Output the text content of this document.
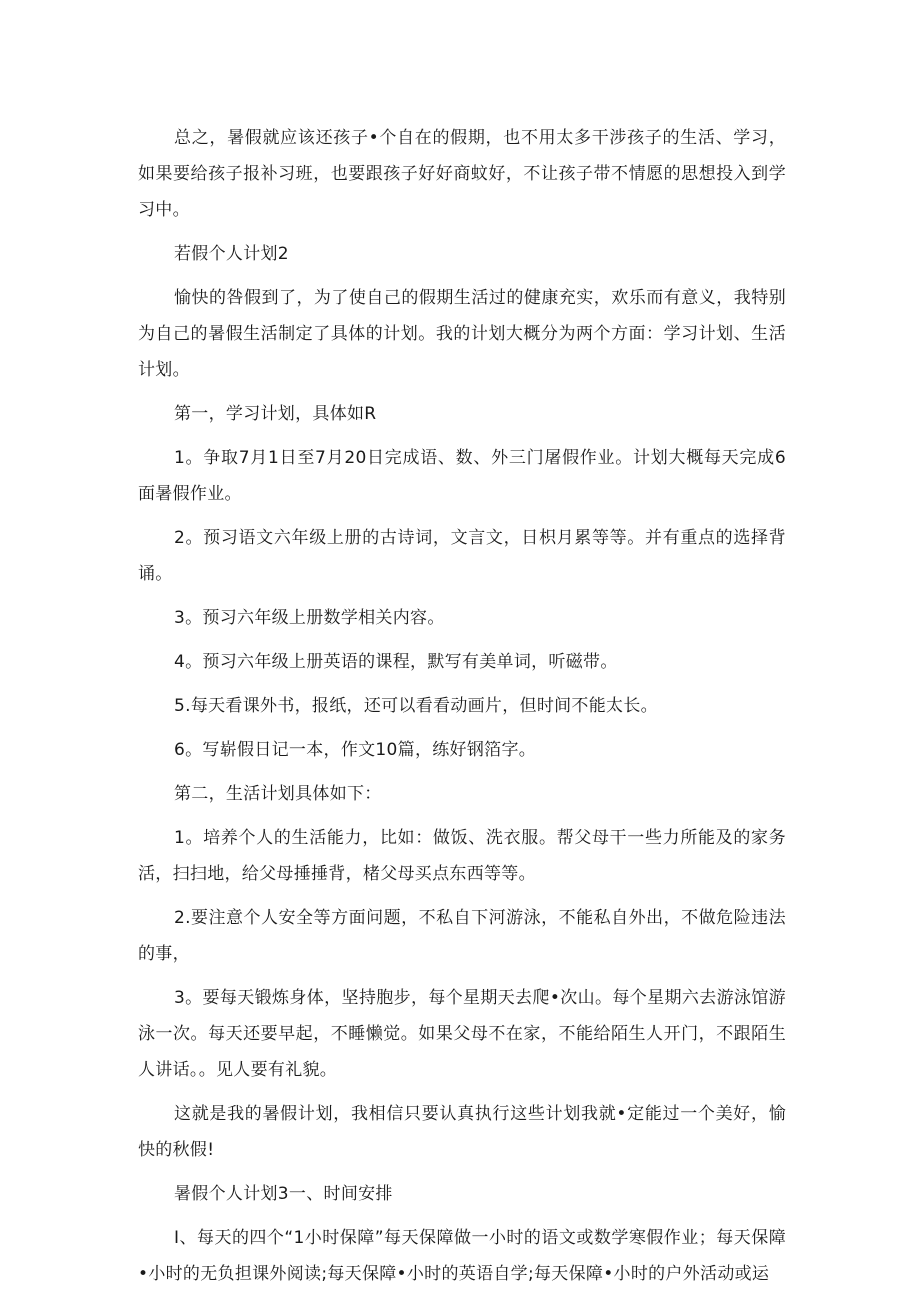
总之，暑假就应该还孩子•个自在的假期，也不用太多干涉孩子的生活、学习，如果要给孩子报补习班，也要跟孩子好好商蚊好，不让孩子带不情愿的思想投入到学习中。

若假个人计划2

愉快的咎假到了，为了使自己的假期生活过的健康充实，欢乐而有意义，我特别为自己的暑假生活制定了具体的计划。我的计划大概分为两个方面：学习计划、生活计划。

第一，学习计划，具体如R

1。争取7月1日至7月20日完成语、数、外三门屠假作业。计划大概每天完成6面暑假作业。

2。预习语文六年级上册的古诗词，文言文，日枳月累等等。并有重点的选择背诵。

3。预习六年级上册数学相关内容。

4。预习六年级上册英语的课程，默写有美单词，听磁带。

5.每天看课外书，报纸，还可以看看动画片，但时间不能太长。

6。写崭假日记一本，作文10篇，练好钢箔字。

第二，生活计划具体如下：

1。培养个人的生活能力，比如：做饭、洗衣服。帮父母干一些力所能及的家务活，扫扫地，给父母捶捶背，楮父母买点东西等等。

2.要注意个人安全等方面问题，不私自下河游泳，不能私自外出，不做危险违法的事，

3。要每天锻炼身体，坚持胞步，每个星期天去爬•次山。每个星期六去游泳馆游泳一次。每天还要早起，不睡懒觉。如果父母不在家，不能给陌生人开门，不跟陌生人讲话。。见人要有礼貌。

这就是我的暑假计划，我相信只要认真执行这些计划我就•定能过一个美好，愉快的秋假!

暑假个人计划3一、时间安排

I、每天的四个“1小时保障”每天保障做一小时的语文或数学寒假作业；每天保障•小时的无负担课外阅读;每天保障•小时的英语自学;每天保障•小时的户外活动或运
